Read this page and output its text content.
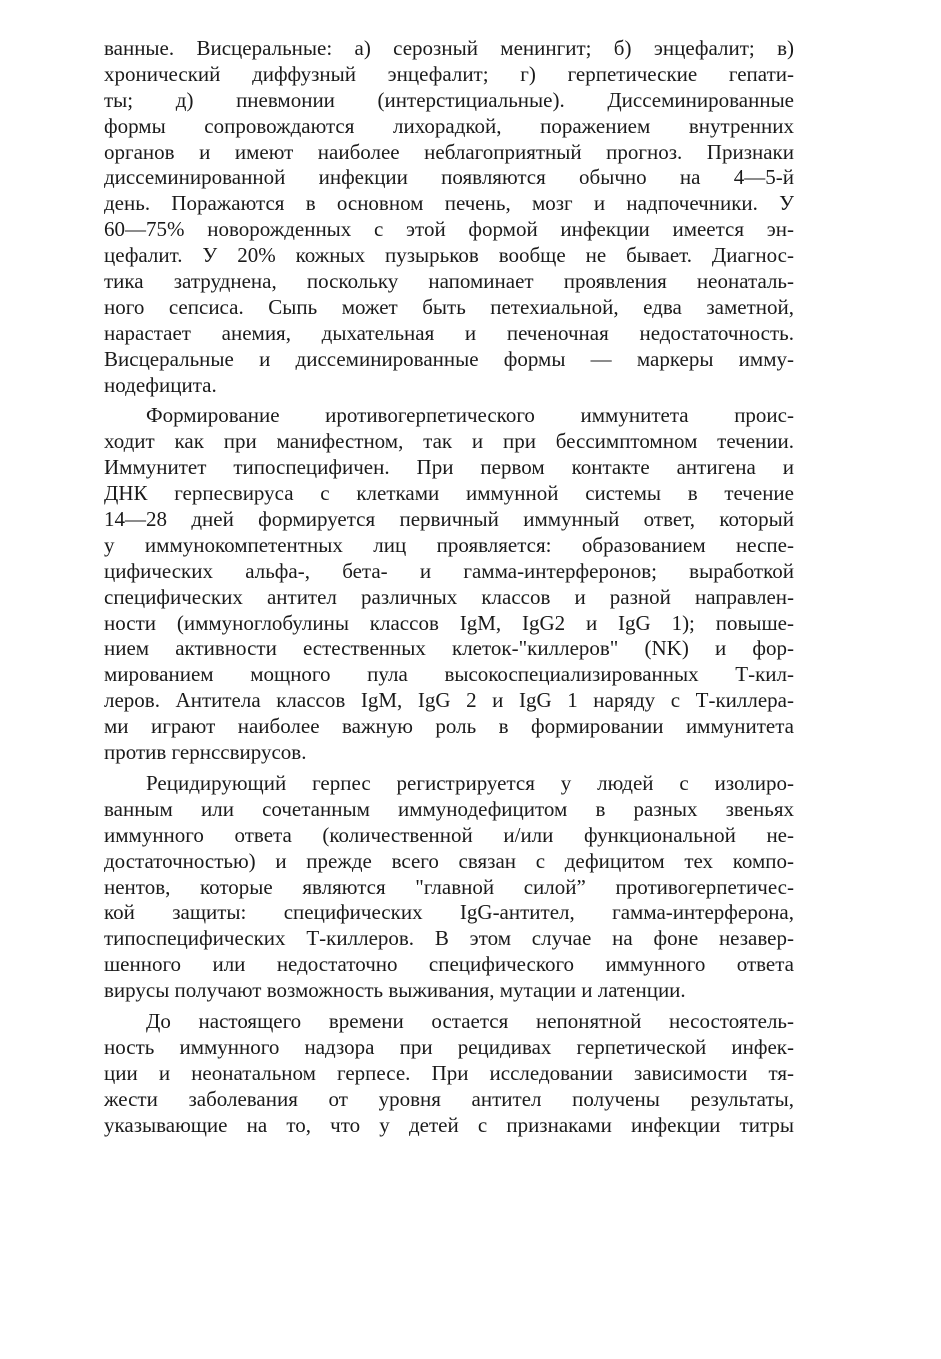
ванные. Висцеральные: а) серозный менингит; б) энцефалит; в)
хронический диффузный энцефалит; г) герпетические гепати-
ты; д) пневмонии (интерстициальные). Диссеминированные
формы сопровождаются лихорадкой, поражением внутренних
органов и имеют наиболее неблагоприятный прогноз. Признаки
диссеминированной инфекции появляются обычно на 4—5-й
день. Поражаются в основном печень, мозг и надпочечники. У
60—75% новорожденных с этой формой инфекции имеется эн-
цефалит. У 20% кожных пузырьков вообще не бывает. Диагнос-
тика затруднена, поскольку напоминает проявления неонаталь-
ного сепсиса. Сыпь может быть петехиальной, едва заметной,
нарастает анемия, дыхательная и печеночная недостаточность.
Висцеральные и диссеминированные формы — маркеры имму-
нодефицита.
Формирование иротивогерпетического иммунитета проис-
ходит как при манифестном, так и при бессимптомном течении.
Иммунитет типоспецифичен. При первом контакте антигена и
ДНК герпесвируса с клетками иммунной системы в течение
14—28 дней формируется первичный иммунный ответ, который
у иммунокомпетентных лиц проявляется: образованием неспе-
цифических альфа-, бета- и гамма-интерферонов; выработкой
специфических антител различных классов и разной направлен-
ности (иммуноглобулины классов IgM, IgG2 и IgG 1); повыше-
нием активности естественных клеток-"киллеров" (NK) и фор-
мированием мощного пула высокоспециализированных Т-кил-
леров. Антитела классов IgM, IgG 2 и IgG 1 наряду с Т-киллера-
ми играют наиболее важную роль в формировании иммунитета
против гернссвирусов.
Рецидирующий герпес регистрируется у людей с изолиро-
ванным или сочетанным иммунодефицитом в разных звеньях
иммунного ответа (количественной и/или функциональной не-
достаточностью) и прежде всего связан с дефицитом тех компо-
нентов, которые являются "главной силой” противогерпетичес-
кой защиты: специфических IgG-антител, гамма-интерферона,
типоспецифических Т-киллеров. В этом случае на фоне незавер-
шенного или недостаточно специфического иммунного ответа
вирусы получают возможность выживания, мутации и латенции.
До настоящего времени остается непонятной несостоятель-
ность иммунного надзора при рецидивах герпетической инфек-
ции и неонатальном герпесе. При исследовании зависимости тя-
жести заболевания от уровня антител получены результаты,
указывающие на то, что у детей с признаками инфекции титры
